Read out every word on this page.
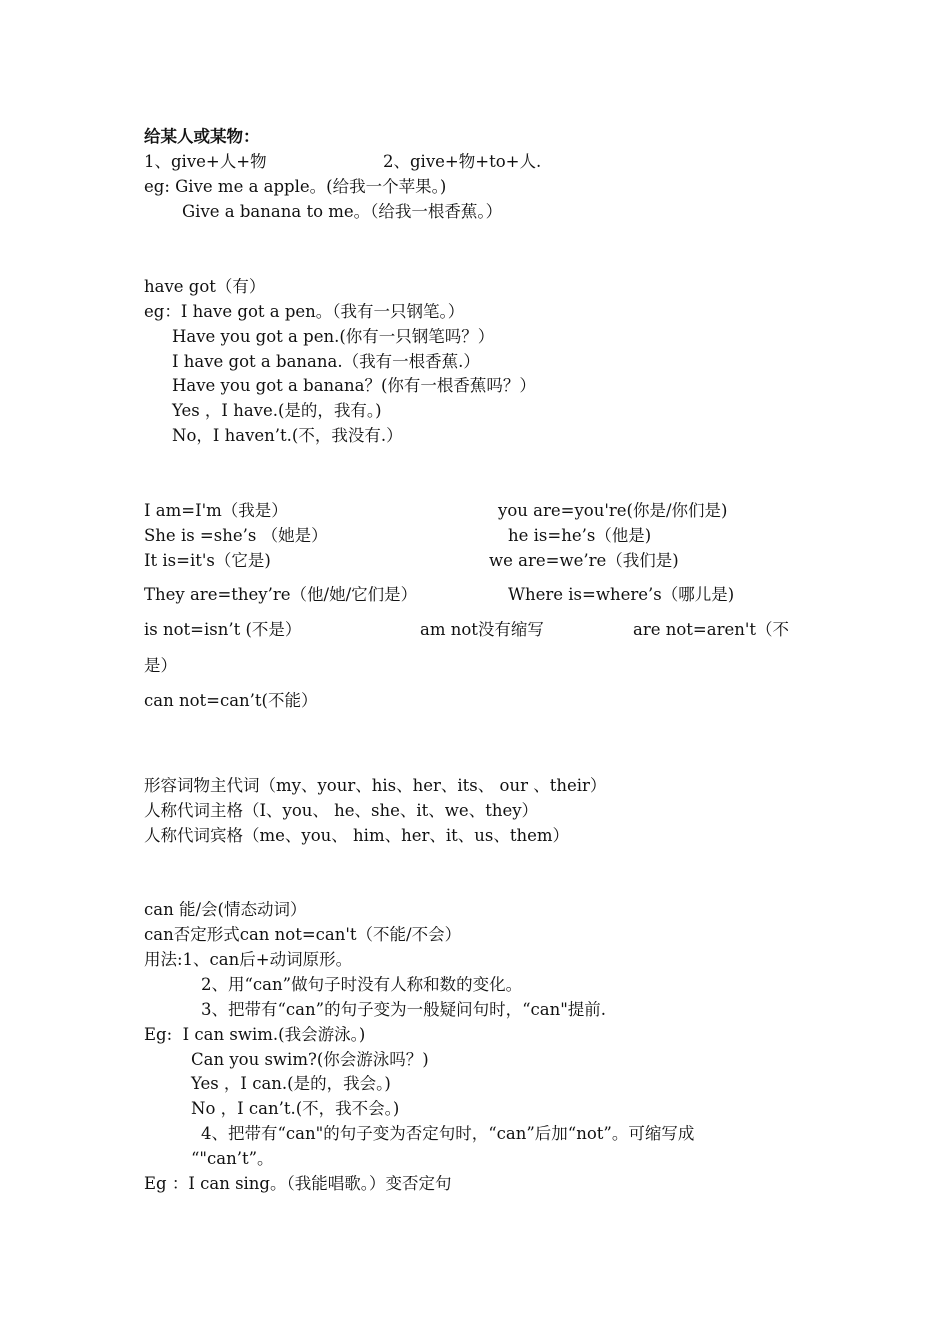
给某人或某物：
1、give+人+物	2、give+物+to+人.
eg: Give me a apple。(给我一个苹果。)
Give a banana to me。（给我一根香蕉。）
have got（有）
eg：I have got a pen。（我有一只钢笔。）
Have you got a pen.(你有一只钢笔吗？）
I have got a banana.（我有一根香蕉.）
Have you got a banana？(你有一根香蕉吗？）
Yes ，I have.(是的，我有。)
No，I haven’t.(不，我没有.）
I am=I'm（我是）	you are=you're(你是/你们是)
She is =she’s （她是）	he is=he’s（他是)
It is=it's（它是)	we are=we’re（我们是)
They are=they’re（他/她/它们是）	Where is=where’s（哪儿是)
is not=isn’t (不是）	am not没有缩写	are not=aren't（不
是）
can not=can’t(不能）
形容词物主代词（my、your、his、her、its、 our 、their）
人称代词主格（I、you、 he、she、it、we、they）
人称代词宾格（me、you、 him、her、it、us、them）
can 能/会(情态动词）
can否定形式can not=can't（不能/不会）
用法:1、can后+动词原形。
2、用“can”做句子时没有人称和数的变化。
3、把带有“can”的句子变为一般疑问句时，“can"提前.
Eg:  I can swim.(我会游泳。)
Can you swim?(你会游泳吗？)
Yes ，I can.(是的，我会。)
No ，I can’t.(不，我不会。)
4、把带有“can"的句子变为否定句时，“can”后加“not”。可缩写成
“"can’t”。
Eg ：I can sing。（我能唱歌。）变否定句
